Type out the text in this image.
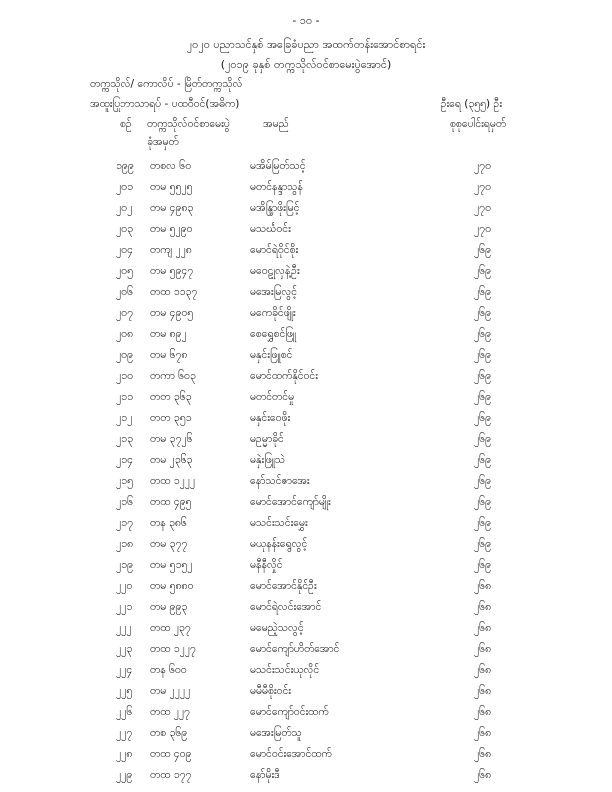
- ၁၀ -
၂၀၂၀ ပညာသင်နှစ် အခြေခံပညာ အထက်တန်းအောင်စာရင်း
(၂၀၁၉ ခုနှစ် တက္ကသိုလ်ဝင်စာမေးပွဲအောင်)
တက္ကသိုလ်/ ကောလိပ် - မြိတ်တက္ကသိုလ်
အထူးပြုဘာသာရပ် - ပထဝီဝင်(အဓိက)	ဦးရေ (၃၅၅) ဦး
စဉ် တက္ကသိုလ်ဝင်စာမေးပွဲ
ခုံအမှတ်
အမည်	စုစုပေါင်းရမှတ်
၁၉၉ တစလ ၆၀	မအိမ်မြတ်သင့်	၂၇၀
၂၀၁ တမ ၅၅၂၅	မတင်နန္ဒာသွန်	၂၇၀
၂၀၂ တမ ၄၉၈၃	မအိန္ဒြာဖိုးမြင့်	၂၇၀
၂၀၃ တမ ၅၂၉၀	မသင်္ဃဝင်း	၂၇၀
၂၀၄ တကျ ၂၂၈	မောင်ရဲဝိုင်စိုး	၂၆၉
၂၀၅ တမ ၅၉၄၇	မဝေဠုလှနဲ့ဦး	၂၆၉
၂၀၆ တထ ၁၁၃၇	မအေးမြလွင့်	၂၆၉
၂၀၇ တမ ၄၉၀၅	မကေခိုင်ဖျိုး	၂၆၉
၂၀၈ တမ ၈၉၂	စေရွှေစင်ဖြူ	၂၆၉
၂၀၉ တမ ၆၇၈	မနှင်းဖြူစင်	၂၆၉
၂၁၀ တကာ ၆၀၃	မောင်ထက်နိုင်ဝင်း	၂၆၉
၂၁၁ တတ ၃၆၃	မတင်တင်မှု	၂၆၉
၂၁၂ တတ ၃၅၁	မနှင်းဝေဖိုး	၂၆၉
၂၁၃ တမ ၃၇၂၆	မဥမ္မာခိုင်	၂၆၉
၂၁၄ တမ ၂၃၆၃	မနှဲးဖြူသဲ	၂၆၉
၂၁၅ တထ ၁၂၂၂	နော်သင်ဇာအေး	၂၆၉
၂၁၆ တထ ၄၉၅	မောင်အောင်ကျော်မျိုး	၂၆၉
၂၁၇ တန ၃၈၆	မသင်းသင်းမွှေး	၂၆၉
၂၁၈ တမ ၃၇၇	မယုနန်းရွေလွင့်	၂၆၉
၂၁၉ တမ ၅၁၅၂	မနီနီလှိုင်	၂၆၉
၂၂၀ တမ ၅၈၈၀	မောင်အောင်နိုင်ဦး	၂၆၈
၂၂၁ တမ ၉၉၃	မောင်ရဲလင်းအောင်	၂၆၈
၂၂၂ တထ ၂၃၇	မမေညဲ့သလွင့်	၂၆၈
၂၂၃ တထ ၁၂၂၇	မောင်ကျော်ဟိတ်အောင်	၂၆၈
၂၂၄ တန ၆၀၀	မသင်းသင်းယုလိုင်	၂၆၈
၂၂၅ တမ ၂၂၂၂	မမီမီစိုးဝင်း	၂၆၈
၂၂၆ တထ ၂၂၇	မောင်ကျော်ဝင်းထက်	၂၆၈
၂၂၇ တစ ၃၆၉	မအေးမြတ်သူ	၂၆၈
၂၂၈ တထ ၄၀၉	မောင်ဝင်းအောင်ထက်	၂၆၈
၂၂၉ တထ ၁၇၇	နော်မိုးဒီ	၂၆၈
